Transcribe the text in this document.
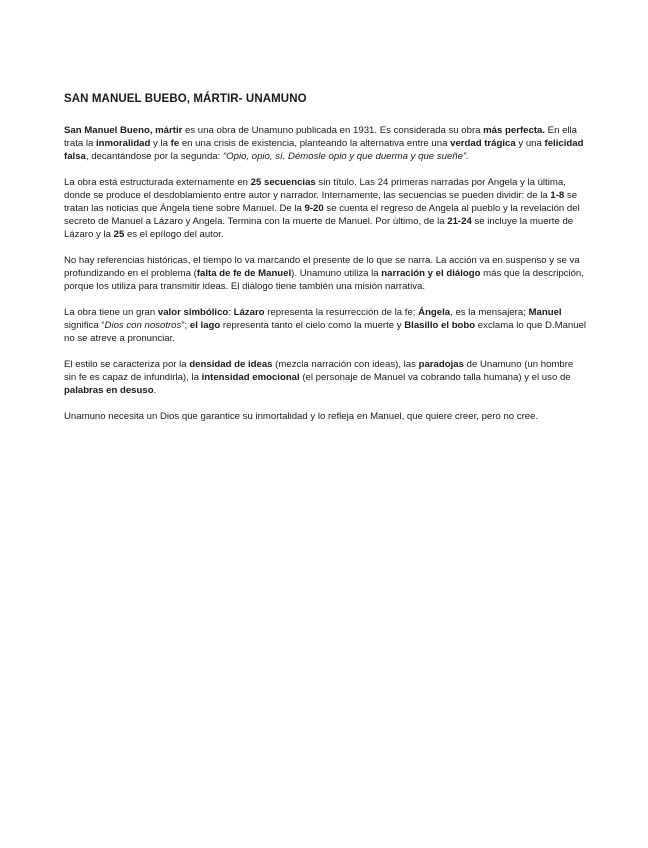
SAN MANUEL BUEBO, MÁRTIR- UNAMUNO

San Manuel Bueno, mártir es una obra de Unamuno publicada en 1931. Es considerada su obra más perfecta. En ella trata la inmoralidad y la fe en una crisis de existencia, planteando la alternativa entre una verdad trágica y una felicidad falsa, decantándose por la segunda: “Opio, opio, sí. Démosle opio y que duerma y que sueñe”.

La obra está estructurada externamente en 25 secuencias sin título. Las 24 primeras narradas por Angela y la última, donde se produce el desdoblamiento entre autor y narrador. Internamente, las secuencias se pueden dividir: de la 1-8 se tratan las noticias que Ángela tiene sobre Manuel. De la 9-20 se cuenta el regreso de Angela al pueblo y la revelación del secreto de Manuel a Lázaro y Angela. Termina con la muerte de Manuel. Por último, de la 21-24 se incluye la muerte de Lázaro y la 25 es el epílogo del autor.

No hay referencias históricas, el tiempo lo va marcando el presente de lo que se narra. La acción va en suspenso y se va profundizando en el problema (falta de fe de Manuel). Unamuno utiliza la narración y el diálogo más que la descripción, porque los utiliza para transmitir ideas. El diálogo tiene también una misión narrativa.

La obra tiene un gran valor simbólico: Lázaro representa la resurrección de la fe; Ángela, es la mensajera; Manuel significa “Dios con nosotros”; el lago representa tanto el cielo como la muerte y Blasillo el bobo exclama lo que D.Manuel no se atreve a pronunciar.

El estilo se caracteriza por la densidad de ideas (mezcla narración con ideas), las paradojas de Unamuno (un hombre sin fe es capaz de infundirla), la intensidad emocional (el personaje de Manuel va cobrando talla humana) y el uso de palabras en desuso.

Unamuno necesita un Dios que garantice su inmortalidad y lo refleja en Manuel, que quiere creer, pero no cree.
